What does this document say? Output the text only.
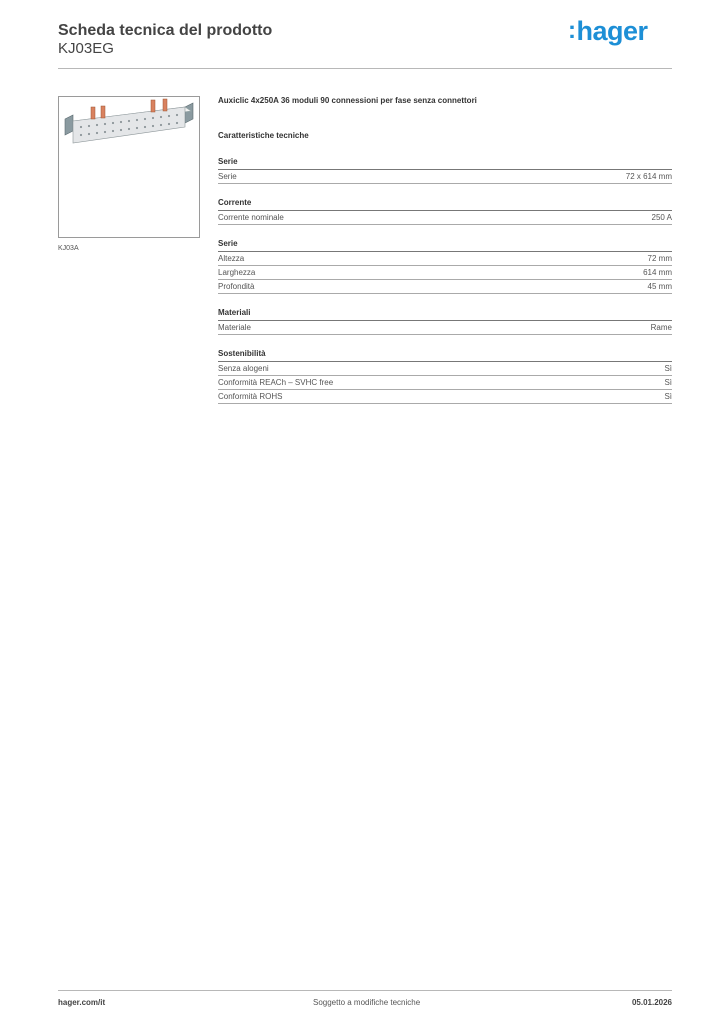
Scheda tecnica del prodotto
KJ03EG
:hager
KJ03A
Auxiclic 4x250A 36 moduli 90 connessioni per fase senza connettori
Caratteristiche tecniche
Serie
Serie	72 x 614 mm
Corrente
Corrente nominale	250 A
Serie
Altezza	72 mm
Larghezza	614 mm
Profondità	45 mm
Materiali
Materiale	Rame
Sostenibilità
Senza alogeni	Sì
Conformità REACh – SVHC free	Sì
Conformità ROHS	Sì
hager.com/it	Soggetto a modifiche tecniche	05.01.2026
